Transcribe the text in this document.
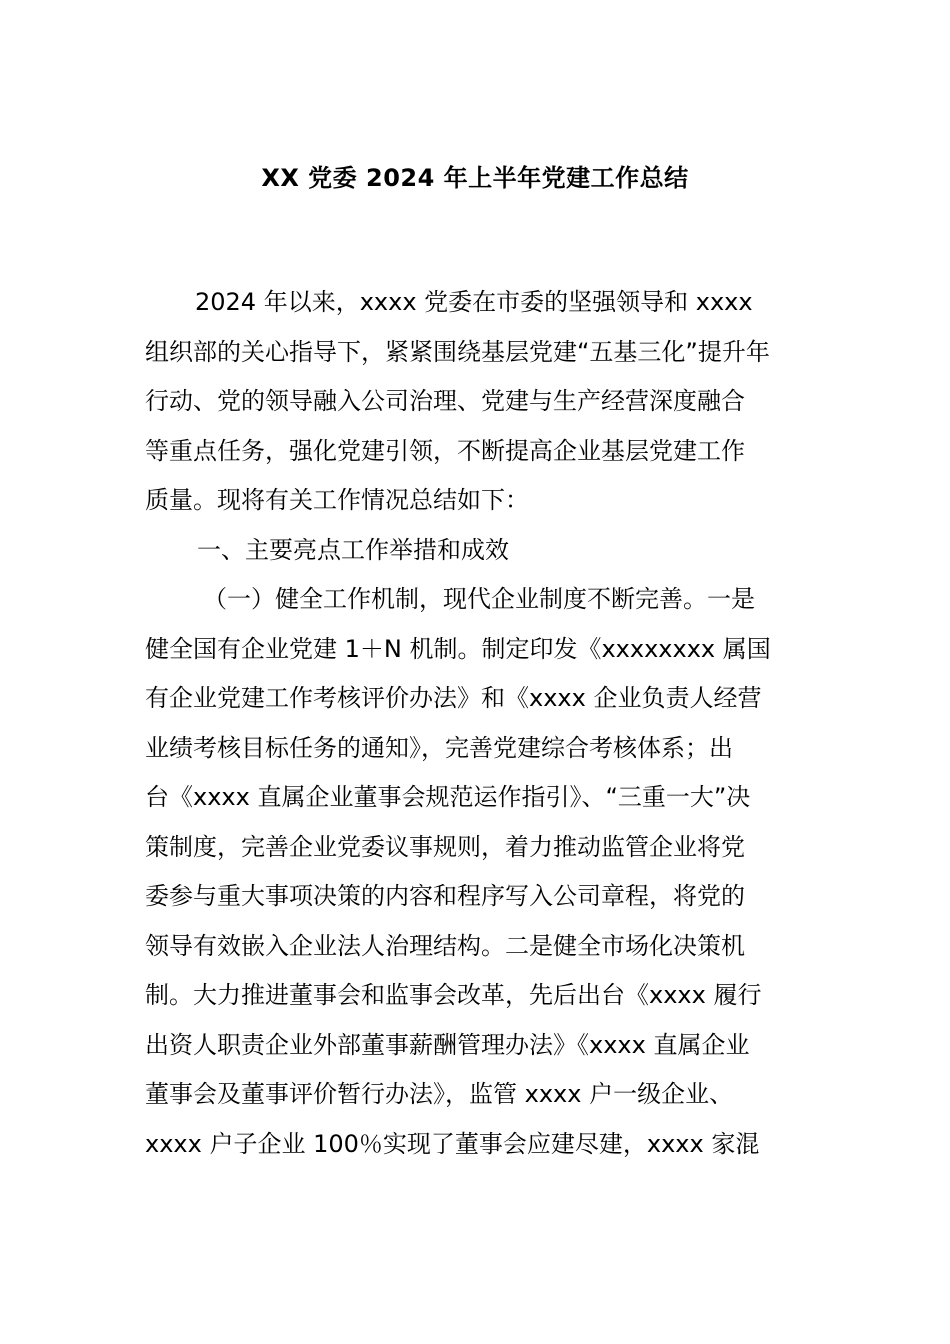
XX 党委 2024 年上半年党建工作总结
2024 年以来，xxxx 党委在市委的坚强领导和 xxxx
组织部的关心指导下，紧紧围绕基层党建“五基三化”提升年
行动、党的领导融入公司治理、党建与生产经营深度融合
等重点任务，强化党建引领，不断提高企业基层党建工作
质量。现将有关工作情况总结如下：
一、主要亮点工作举措和成效
（一）健全工作机制，现代企业制度不断完善。一是
健全国有企业党建 1＋N 机制。制定印发《xxxxxxxx 属国
有企业党建工作考核评价办法》和《xxxx 企业负责人经营
业绩考核目标任务的通知》，完善党建综合考核体系；出
台《xxxx 直属企业董事会规范运作指引》、“三重一大”决
策制度，完善企业党委议事规则，着力推动监管企业将党
委参与重大事项决策的内容和程序写入公司章程，将党的
领导有效嵌入企业法人治理结构。二是健全市场化决策机
制。大力推进董事会和监事会改革，先后出台《xxxx 履行
出资人职责企业外部董事薪酬管理办法》《xxxx 直属企业
董事会及董事评价暂行办法》，监管 xxxx 户一级企业、
xxxx 户子企业 100％实现了董事会应建尽建，xxxx 家混
